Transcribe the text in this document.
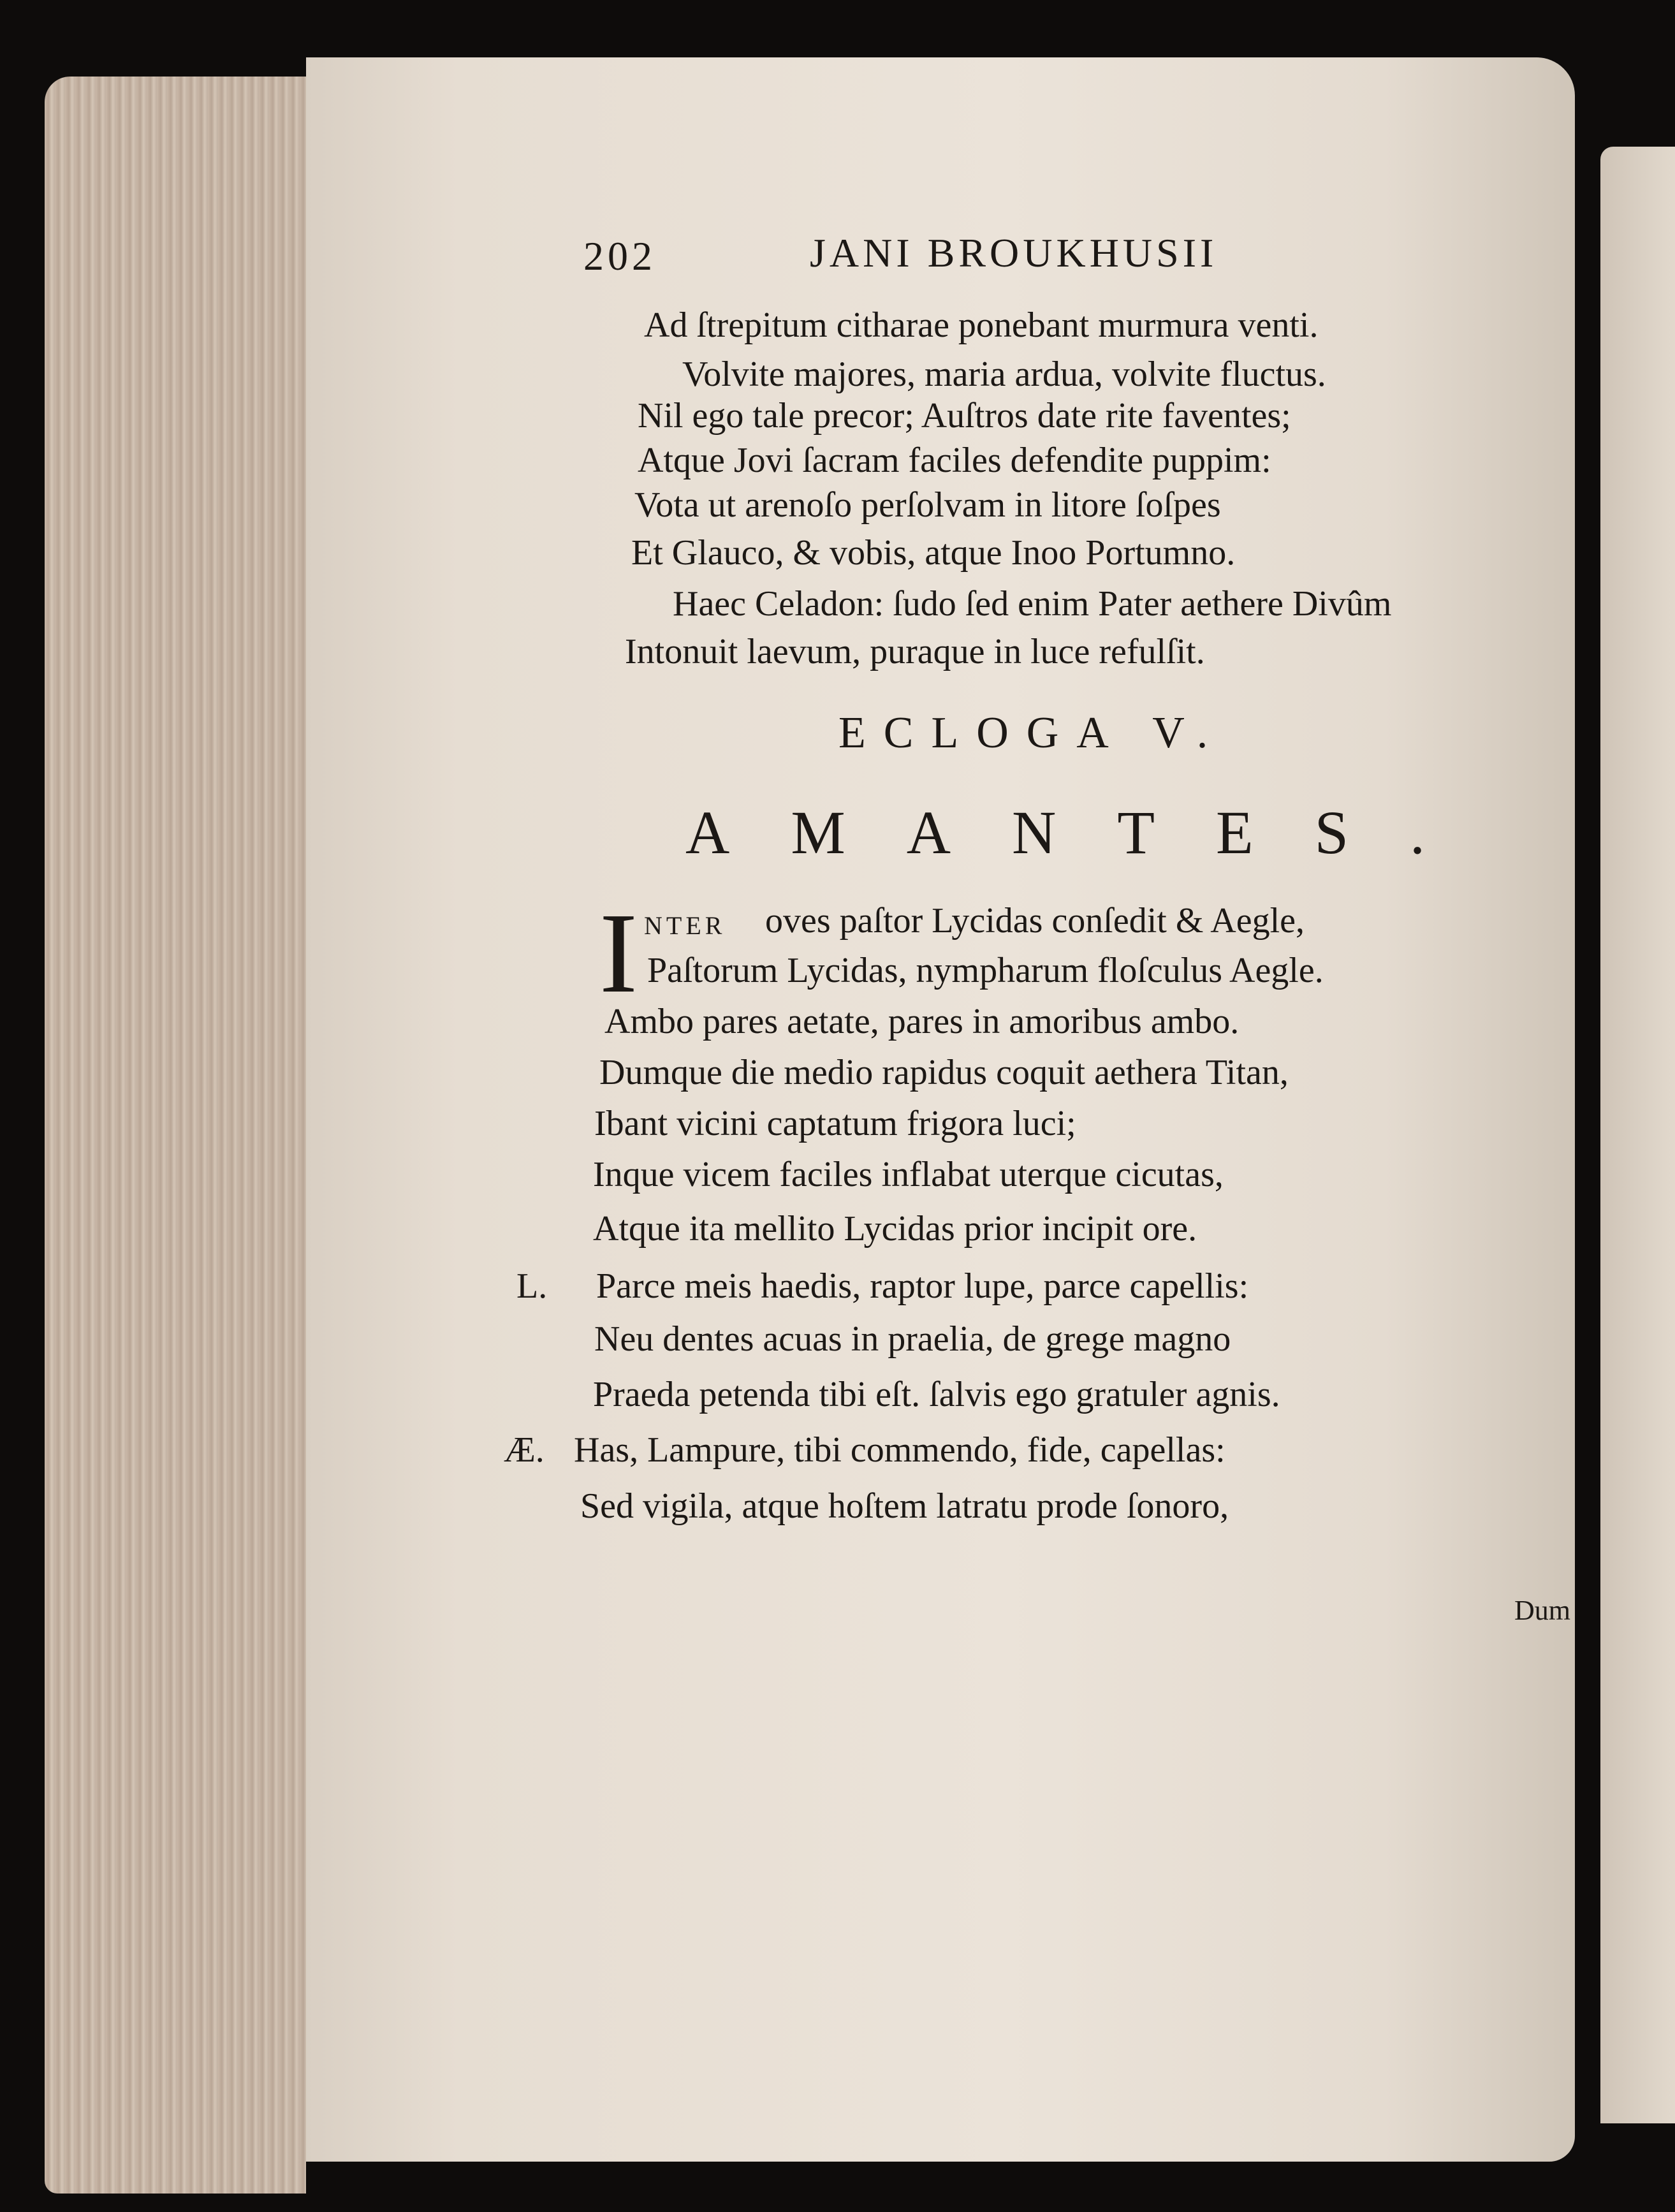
202	JANI BROUKHUSII
Ad ſtrepitum citharae ponebant murmura venti.
Volvite majores, maria ardua, volvite fluctus.
Nil ego tale precor; Auſtros date rite faventes;
Atque Jovi ſacram faciles defendite puppim:
Vota ut arenoſo perſolvam in litore ſoſpes
Et Glauco, & vobis, atque Inoo Portumno.
Haec Celadon: ſudo ſed enim Pater aethere Divûm
Intonuit laevum, puraque in luce refulſit.
ECLOGA V.
AMANTES.
I NTER oves paſtor Lycidas conſedit & Aegle,
Paſtorum Lycidas, nympharum floſculus Aegle.
Ambo pares aetate, pares in amoribus ambo.
Dumque die medio rapidus coquit aethera Titan,
Ibant vicini captatum frigora luci;
Inque vicem faciles inflabat uterque cicutas,
Atque ita mellito Lycidas prior incipit ore.
L. Parce meis haedis, raptor lupe, parce capellis:
Neu dentes acuas in praelia, de grege magno
Praeda petenda tibi eſt. ſalvis ego gratuler agnis.
Æ. Has, Lampure, tibi commendo, fide, capellas:
Sed vigila, atque hoſtem latratu prode ſonoro,
Dum
